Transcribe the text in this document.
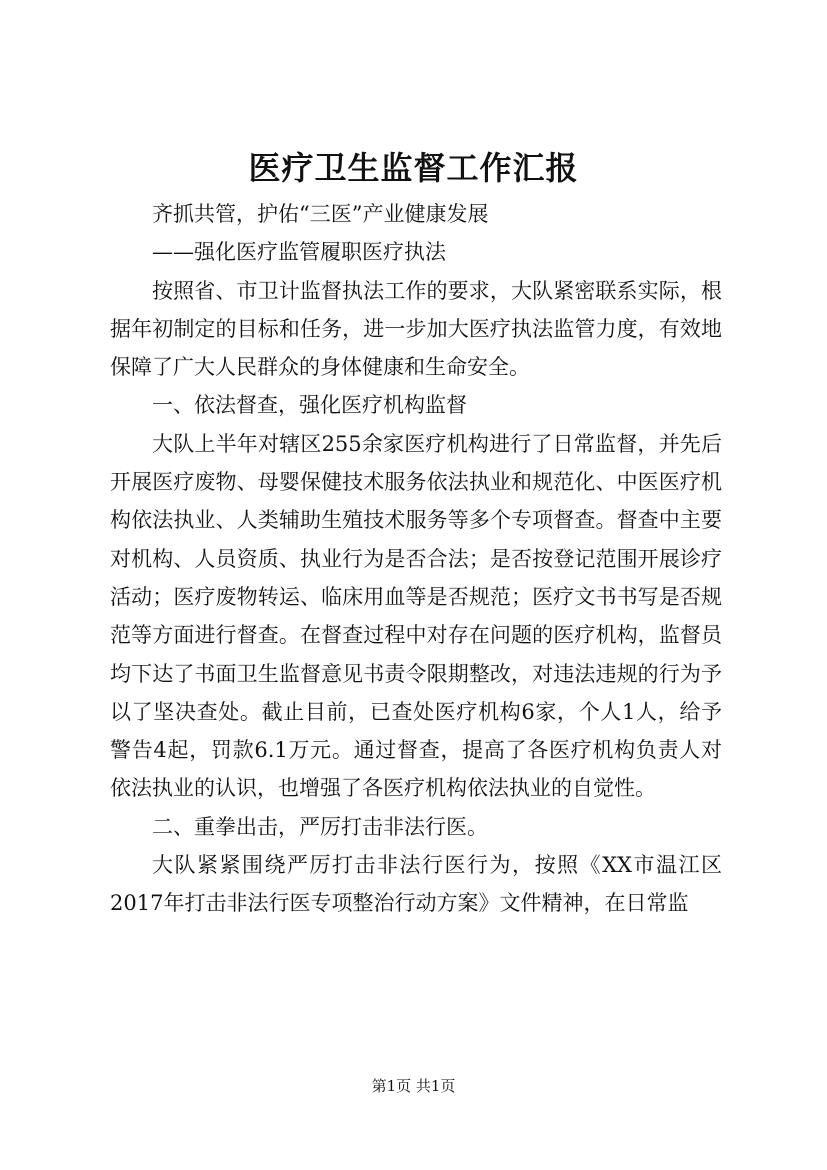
医疗卫生监督工作汇报

齐抓共管，护佑“三医”产业健康发展

——强化医疗监管履职医疗执法

按照省、市卫计监督执法工作的要求，大队紧密联系实际，根据年初制定的目标和任务，进一步加大医疗执法监管力度，有效地保障了广大人民群众的身体健康和生命安全。

一、依法督查，强化医疗机构监督

大队上半年对辖区255余家医疗机构进行了日常监督，并先后开展医疗废物、母婴保健技术服务依法执业和规范化、中医医疗机构依法执业、人类辅助生殖技术服务等多个专项督查。督查中主要对机构、人员资质、执业行为是否合法；是否按登记范围开展诊疗活动；医疗废物转运、临床用血等是否规范；医疗文书书写是否规范等方面进行督查。在督查过程中对存在问题的医疗机构，监督员均下达了书面卫生监督意见书责令限期整改，对违法违规的行为予以了坚决查处。截止目前，已查处医疗机构6家，个人1人，给予警告4起，罚款6.1万元。通过督查，提高了各医疗机构负责人对依法执业的认识，也增强了各医疗机构依法执业的自觉性。

二、重拳出击，严厉打击非法行医。

大队紧紧围绕严厉打击非法行医行为，按照《XX市温江区2017年打击非法行医专项整治行动方案》文件精神，在日常监

第1页 共1页
